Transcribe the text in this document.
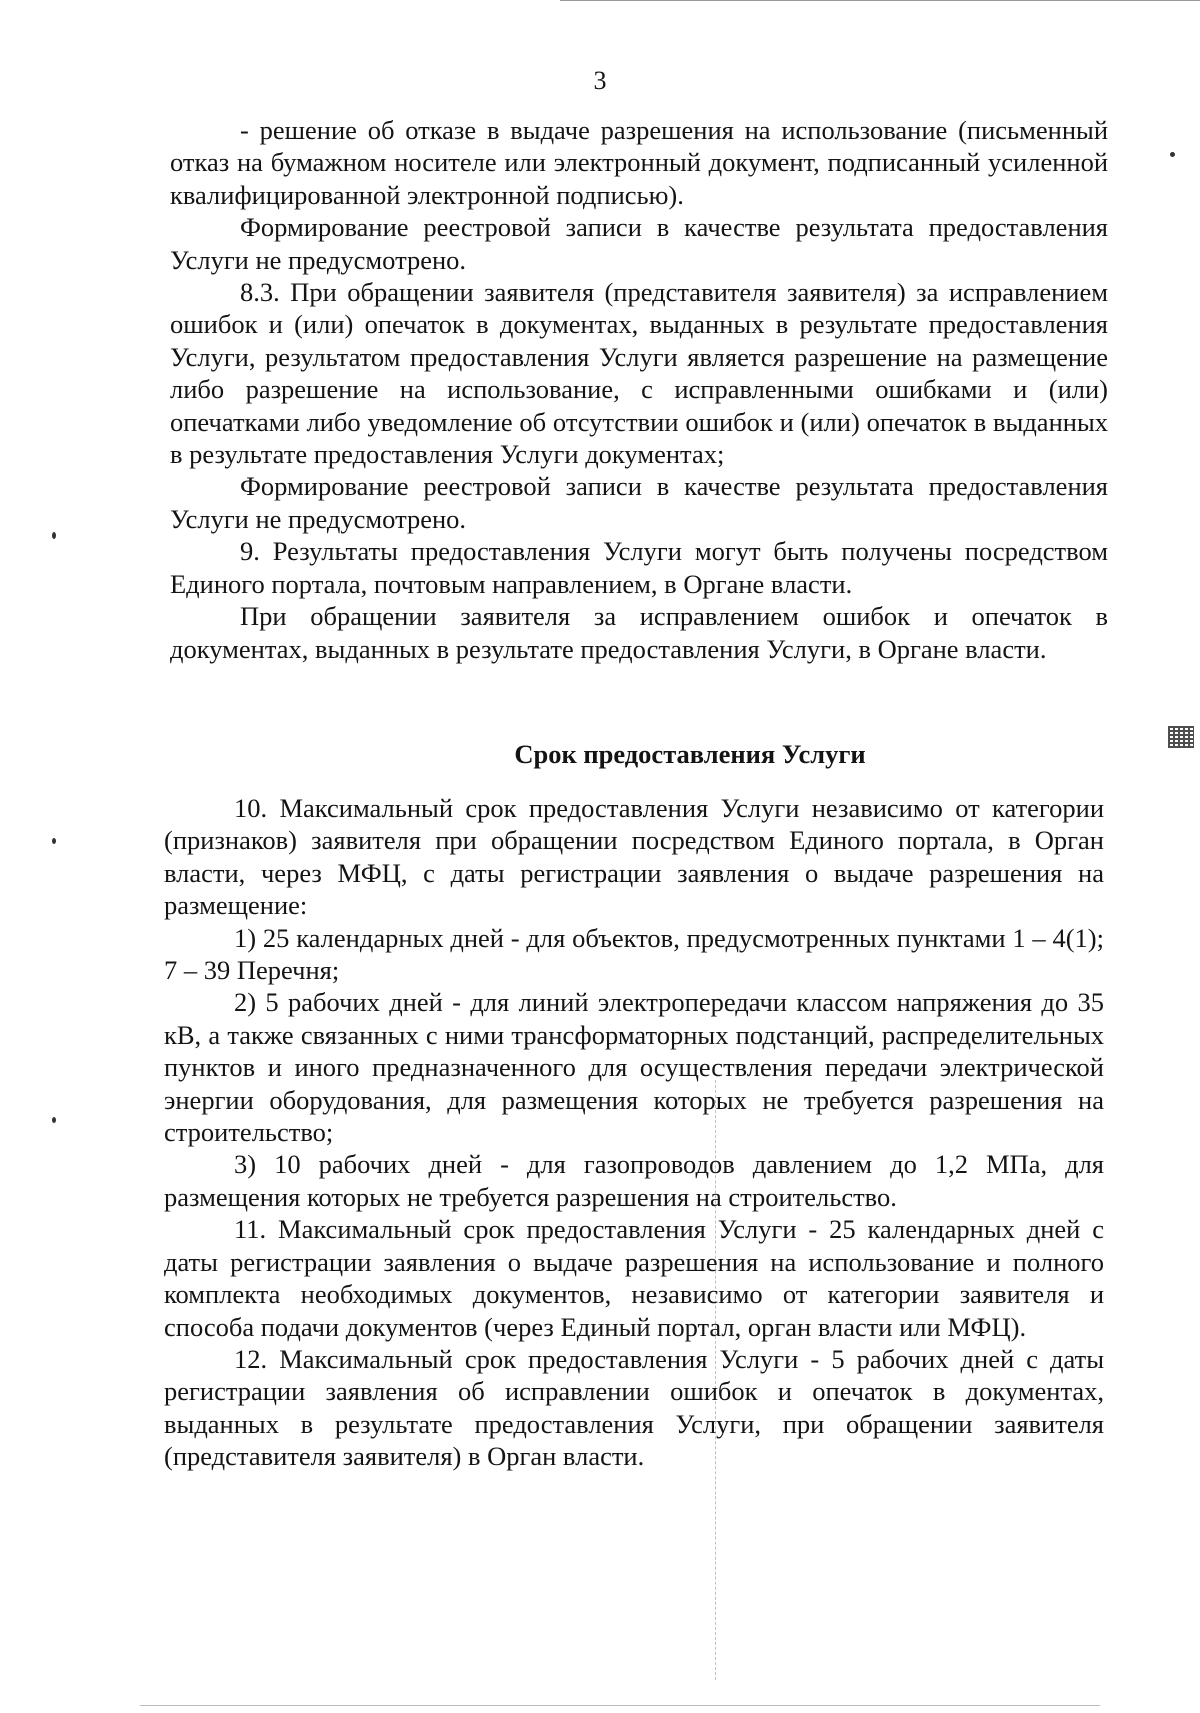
3

- решение об отказе в выдаче разрешения на использование (письменный отказ на бумажном носителе или электронный документ, подписанный усиленной квалифицированной электронной подписью).

Формирование реестровой записи в качестве результата предоставления Услуги не предусмотрено.

8.3. При обращении заявителя (представителя заявителя) за исправлением ошибок и (или) опечаток в документах, выданных в результате предоставления Услуги, результатом предоставления Услуги является разрешение на размещение либо разрешение на использование, с исправленными ошибками и (или) опечатками либо уведомление об отсутствии ошибок и (или) опечаток в выданных в результате предоставления Услуги документах;

Формирование реестровой записи в качестве результата предоставления Услуги не предусмотрено.

9. Результаты предоставления Услуги могут быть получены посредством Единого портала, почтовым направлением, в Органе власти.

При обращении заявителя за исправлением ошибок и опечаток в документах, выданных в результате предоставления Услуги, в Органе власти.

Срок предоставления Услуги

10. Максимальный срок предоставления Услуги независимо от категории (признаков) заявителя при обращении посредством Единого портала, в Орган власти, через МФЦ, с даты регистрации заявления о выдаче разрешения на размещение:

1) 25 календарных дней - для объектов, предусмотренных пунктами 1 – 4(1); 7 – 39 Перечня;

2) 5 рабочих дней - для линий электропередачи классом напряжения до 35 кВ, а также связанных с ними трансформаторных подстанций, распределительных пунктов и иного предназначенного для осуществления передачи электрической энергии оборудования, для размещения которых не требуется разрешения на строительство;

3) 10 рабочих дней - для газопроводов давлением до 1,2 МПа, для размещения которых не требуется разрешения на строительство.

11. Максимальный срок предоставления Услуги - 25 календарных дней с даты регистрации заявления о выдаче разрешения на использование и полного комплекта необходимых документов, независимо от категории заявителя и способа подачи документов (через Единый портал, орган власти или МФЦ).

12. Максимальный срок предоставления Услуги - 5 рабочих дней с даты регистрации заявления об исправлении ошибок и опечаток в документах, выданных в результате предоставления Услуги, при обращении заявителя (представителя заявителя) в Орган власти.
